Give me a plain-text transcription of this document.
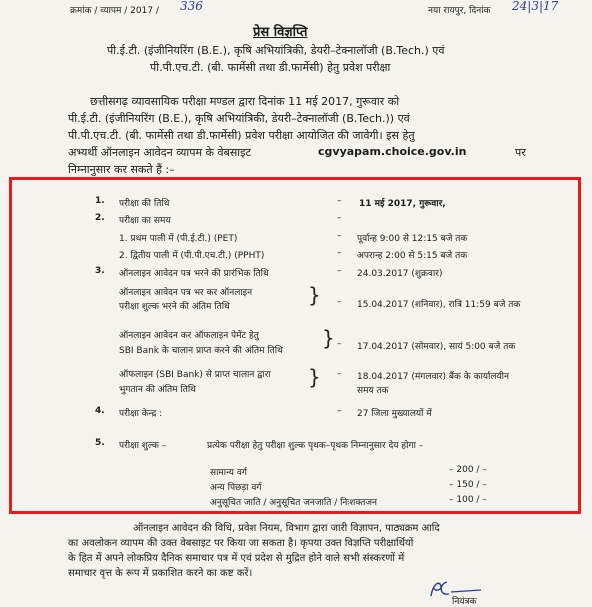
क्रमांक / व्यापम / 2017 / 336	नया रायपुर, दिनांक 24|3|17
प्रेस विज्ञप्ति
पी.ई.टी. (इंजीनियरिंग (B.E.), कृषि अभियांत्रिकी, डेयरी–टेक्नालॉजी (B.Tech.) एवं
पी.पी.एच.टी. (बी. फार्मेसी तथा डी.फार्मेसी) हेतु प्रवेश परीक्षा
छत्तीसगढ़ व्यावसायिक परीक्षा मण्डल द्वारा दिनांक 11 मई 2017, गुरूवार को
पी.ई.टी. (इंजीनियरिंग (B.E.), कृषि अभियांत्रिकी, डेयरी–टेक्नालॉजी (B.Tech.)) एवं
पी.पी.एच.टी. (बी. फार्मेसी तथा डी.फार्मेसी) प्रवेश परीक्षा आयोजित की जावेगी। इस हेतु
अभ्यर्थी ऑनलाइन आवेदन व्यापम के वेबसाइट	cgvyapam.choice.gov.in	पर
निम्नानुसार कर सकते हैं :–
1. परीक्षा की तिथि	– 11 मई 2017, गुरूवार,
2. परीक्षा का समय	–
1. प्रथम पाली में (पी.ई.टी.) (PET)	– पूर्वान्ह 9:00 से 12:15 बजे तक
2. द्वितीय पाली में (पी.पी.एच.टी.) (PPHT)	– अपरान्ह 2:00 से 5:15 बजे तक
3. ऑनलाइन आवेदन पत्र भरने की प्रारंभिक तिथि	– 24.03.2017 (शुक्रवार)
ऑनलाइन आवेदन पत्र भर कर ऑनलाइन
परीक्षा शुल्क भरने की अंतिम तिथि	} – 15.04.2017 (शनिवार), रात्रि 11:59 बजे तक
ऑनलाइन आवेदन कर ऑफलाइन पेमेंट हेतु
SBI Bank के चालान प्राप्त करने की अंतिम तिथि
} – 17.04.2017 (सोमवार), सायं 5:00 बजे तक
ऑफलाइन (SBI Bank) से प्राप्त चालान द्वारा
भुगतान की अंतिम तिथि
} – 18.04.2017 (मंगलवार) बैंक के कार्यालयीन
समय तक
4. परीक्षा केन्द्र :	– 27 जिला मुख्यालयों में
5. परीक्षा शुल्क –	प्रत्येक परीक्षा हेतु परीक्षा शुल्क पृथक–पृथक निम्नानुसार देय होगा –
सामान्य वर्ग	– 200 / –
अन्य पिछड़ा वर्ग	– 150 / –
अनुसूचित जाति / अनुसूचित जनजाति / निःशक्तजन	– 100 / –
ऑनलाइन आवेदन की विधि, प्रवेश नियम, विभाग द्वारा जारी विज्ञापन, पाठ्यक्रम आदि
का अवलोकन व्यापम की उक्त वेबसाइट पर किया जा सकता है। कृपया उक्त विज्ञप्ति परीक्षार्थियों
के हित में अपने लोकप्रिय दैनिक समाचार पत्र में एवं प्रदेश से मुद्रित होने वाले सभी संस्करणों में
समाचार वृत्त के रूप में प्रकाशित करने का कष्ट करें।
नियंत्रक
